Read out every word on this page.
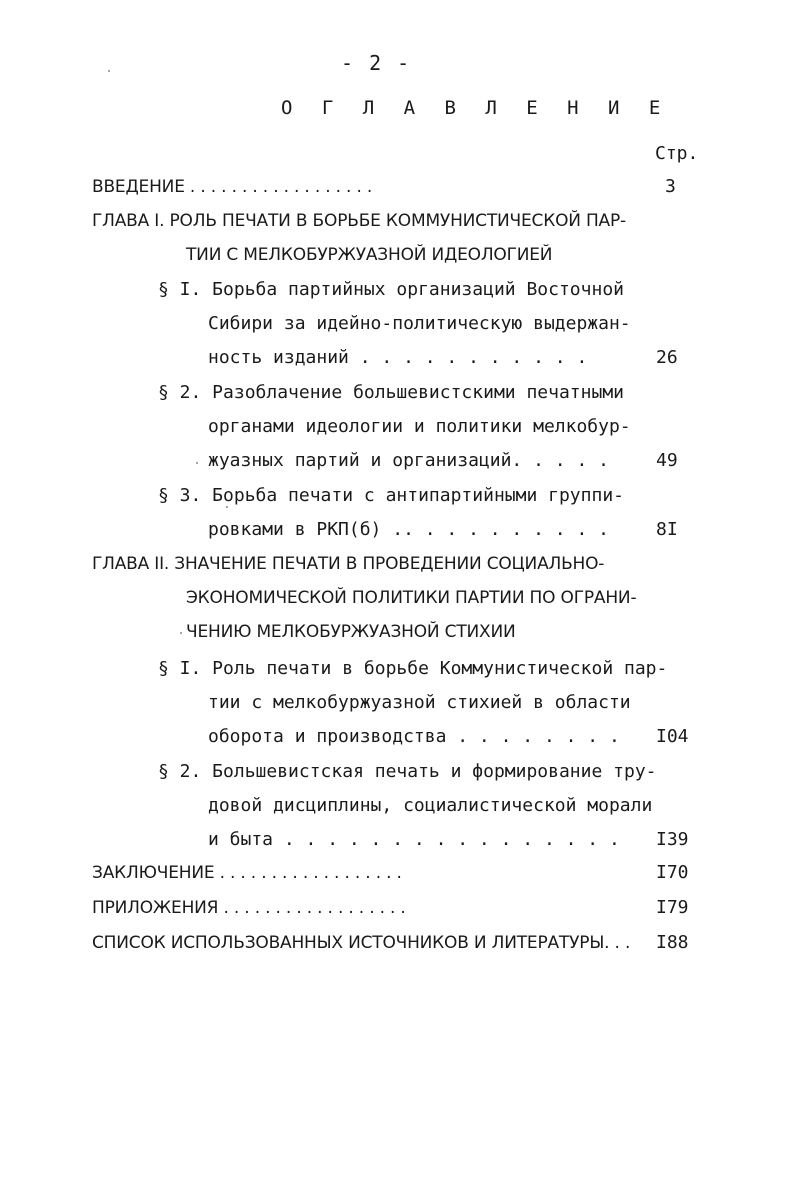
- 2 -
О Г Л А В Л Е Н И Е
Стр.
ВВЕДЕНИЕ . . . . . . . . . . . . . . . . . .	3
ГЛАВА I. РОЛЬ ПЕЧАТИ В БОРЬБЕ КОММУНИСТИЧЕСКОЙ ПАР-
ТИИ С МЕЛКОБУРЖУАЗНОЙ ИДЕОЛОГИЕЙ
§ I. Борьба партийных организаций Восточной
Сибири за идейно-политическую выдержан-
ность изданий . . . . . . . . . . .	26
§ 2. Разоблачение большевистскими печатными
органами идеологии и политики мелкобур-
жуазных партий и организаций. . . . .	49
§ 3. Борьба печати с антипартийными группи-
ровками в РКП(б) .. . . . . . . . . .	8I
ГЛАВА II. ЗНАЧЕНИЕ ПЕЧАТИ В ПРОВЕДЕНИИ СОЦИАЛЬНО-
ЭКОНОМИЧЕСКОЙ ПОЛИТИКИ ПАРТИИ ПО ОГРАНИ-
ЧЕНИЮ МЕЛКОБУРЖУАЗНОЙ СТИХИИ
§ I. Роль печати в борьбе Коммунистической пар-
тии с мелкобуржуазной стихией в области
оборота и производства . . . . . . . . I04
§ 2. Большевистская печать и формирование тру-
довой дисциплины, социалистической морали
и быта . . . . . . . . . . . . . . . . I39
ЗАКЛЮЧЕНИЕ . . . . . . . . . . . . . . . . . .	I70
ПРИЛОЖЕНИЯ . . . . . . . . . . . . . . . . . .	I79
СПИСОК ИСПОЛЬЗОВАННЫХ ИСТОЧНИКОВ И ЛИТЕРАТУРЫ. . . I88
